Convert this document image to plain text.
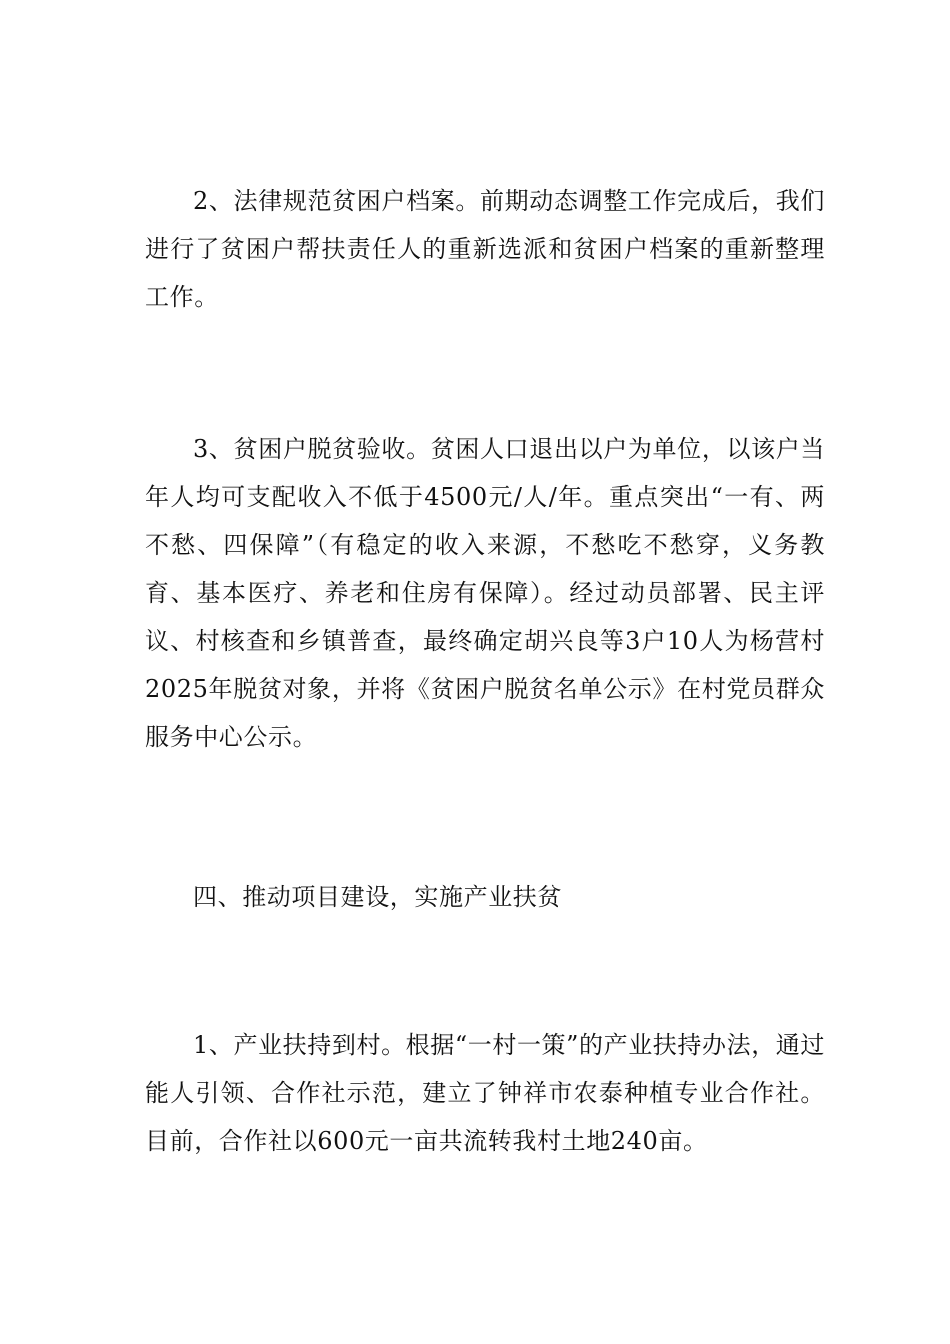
2、法律规范贫困户档案。前期动态调整工作完成后，我们进行了贫困户帮扶责任人的重新选派和贫困户档案的重新整理工作。

3、贫困户脱贫验收。贫困人口退出以户为单位，以该户当年人均可支配收入不低于4500元/人/年。重点突出“一有、两不愁、四保障”（有稳定的收入来源，不愁吃不愁穿，义务教育、基本医疗、养老和住房有保障）。经过动员部署、民主评议、村核查和乡镇普查，最终确定胡兴良等3户10人为杨营村2025年脱贫对象，并将《贫困户脱贫名单公示》在村党员群众服务中心公示。

四、推动项目建设，实施产业扶贫

1、产业扶持到村。根据“一村一策”的产业扶持办法，通过能人引领、合作社示范，建立了钟祥市农泰种植专业合作社。目前，合作社以600元一亩共流转我村土地240亩。
